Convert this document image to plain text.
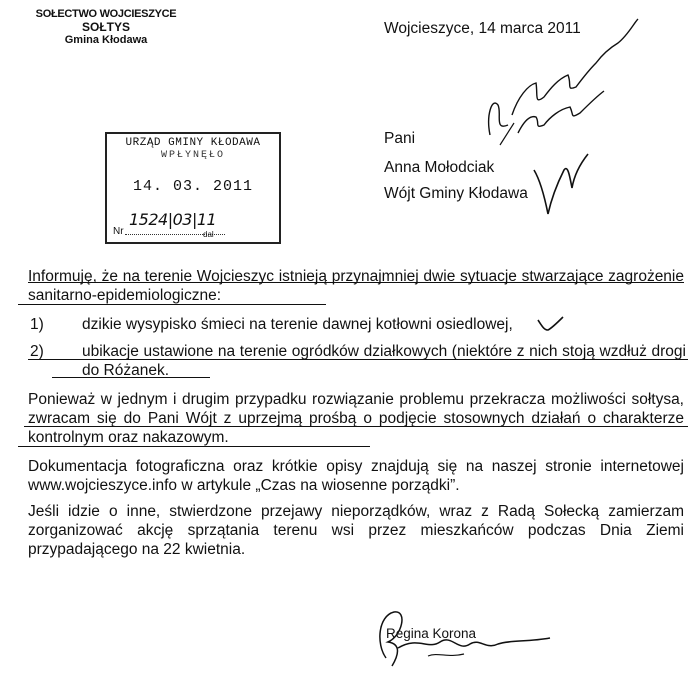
SOŁECTWO WOJCIESZYCE
SOŁTYS
Gmina Kłodawa
Wojcieszyce, 14 marca 2011
Pani
Anna Mołodciak
Wójt Gminy Kłodawa
URZĄD GMINY KŁODAWA
WPŁYNĘŁO
14. 03. 2011
1524|03|11
Nr	dal
Informuję, że na terenie Wojcieszyc istnieją przynajmniej dwie sytuacje stwarzające zagrożenie sanitarno-epidemiologiczne:
1) dzikie wysypisko śmieci na terenie dawnej kotłowni osiedlowej,
2) ubikacje ustawione na terenie ogródków działkowych (niektóre z nich stoją wzdłuż drogi do Różanek.
Ponieważ w jednym i drugim przypadku rozwiązanie problemu przekracza możliwości sołtysa, zwracam się do Pani Wójt z uprzejmą prośbą o podjęcie stosownych działań o charakterze kontrolnym oraz nakazowym.
Dokumentacja fotograficzna oraz krótkie opisy znajdują się na naszej stronie internetowej www.wojcieszyce.info w artykule „Czas na wiosenne porządki”.
Jeśli idzie o inne, stwierdzone przejawy nieporządków, wraz z Radą Sołecką zamierzam zorganizować akcję sprzątania terenu wsi przez mieszkańców podczas Dnia Ziemi przypadającego na 22 kwietnia.
Regina Korona
